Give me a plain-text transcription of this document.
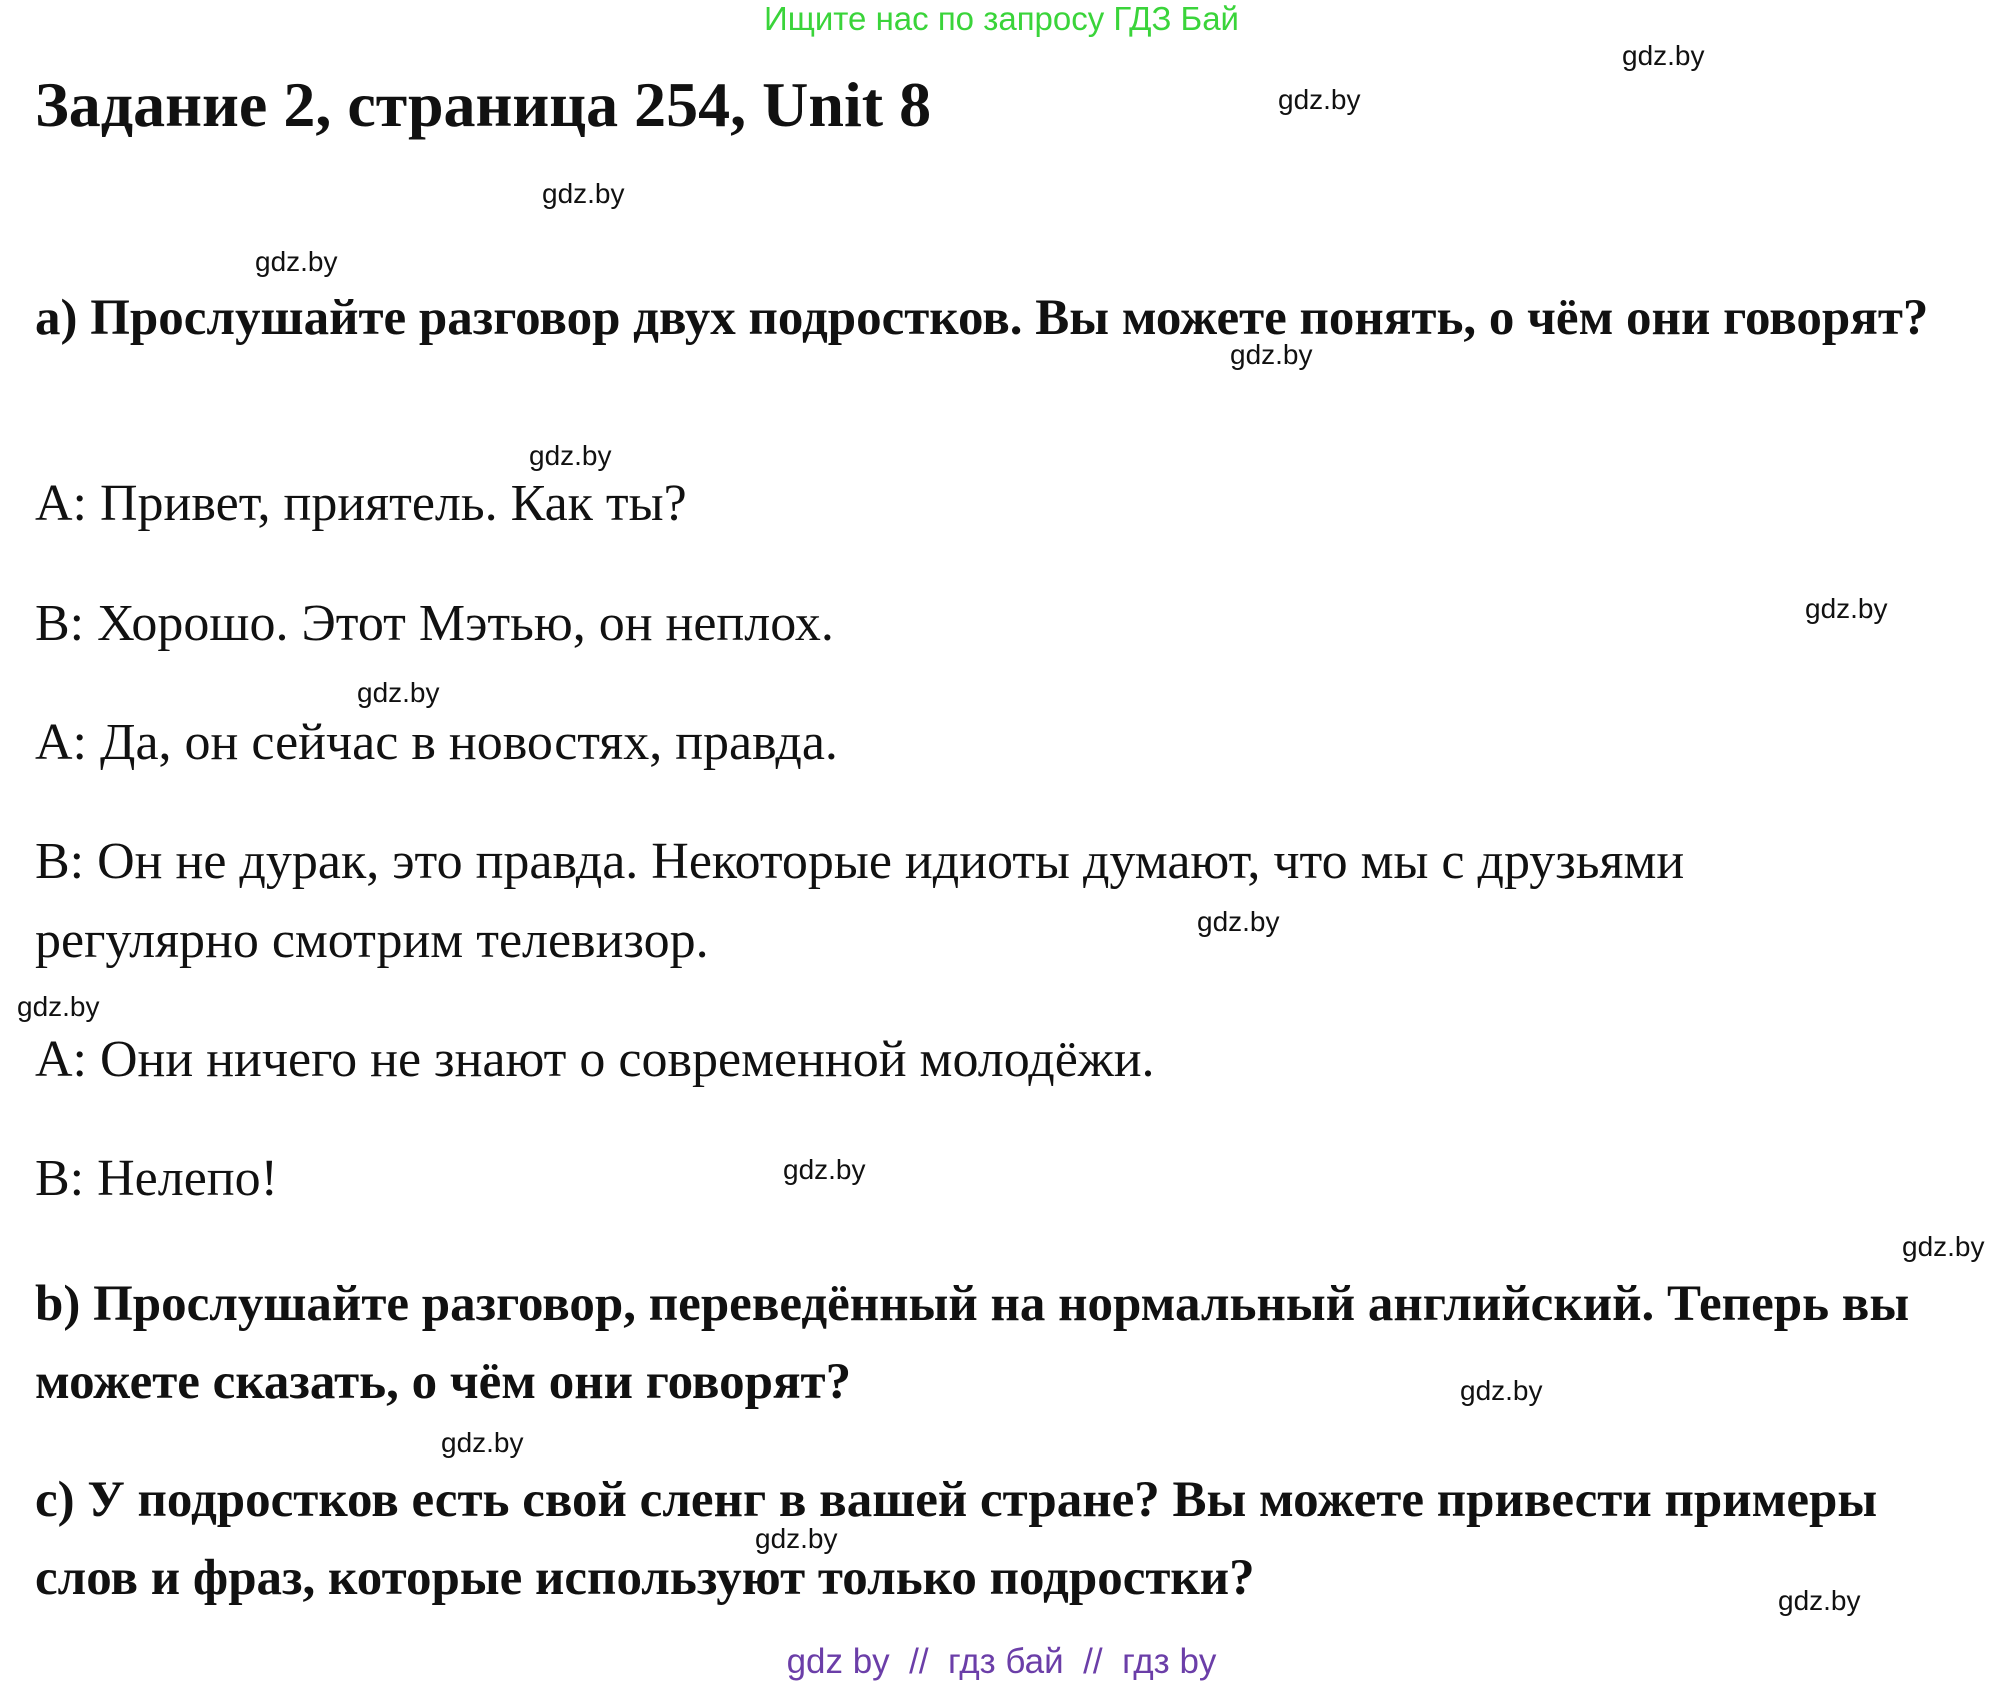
Ищите нас по запросу ГДЗ Бай
Задание 2, страница 254, Unit 8
а) Прослушайте разговор двух подростков. Вы можете понять, о чём они говорят?
A: Привет, приятель. Как ты?
B: Хорошо. Этот Мэтью, он неплох.
A: Да, он сейчас в новостях, правда.
B: Он не дурак, это правда. Некоторые идиоты думают, что мы с друзьями
регулярно смотрим телевизор.
A: Они ничего не знают о современной молодёжи.
B: Нелепо!
b) Прослушайте разговор, переведённый на нормальный английский. Теперь вы можете сказать, о чём они говорят?
c) У подростков есть свой сленг в вашей стране? Вы можете привести примеры слов и фраз, которые используют только подростки?
gdz.by
gdz.by
gdz.by
gdz.by
gdz.by
gdz.by
gdz.by
gdz.by
gdz.by
gdz.by
gdz.by
gdz.by
gdz.by
gdz.by
gdz.by
gdz.by
gdz by // гдз бай // гдз by
